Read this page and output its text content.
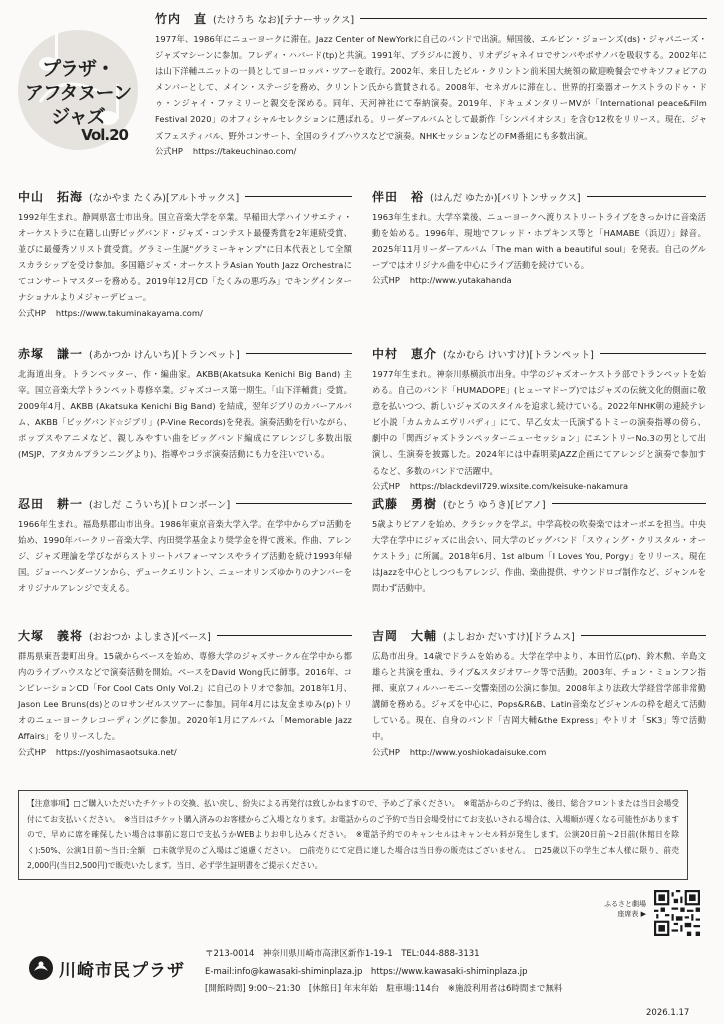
プラザ・
アフタヌーン
ジャズ
Vol.20
竹内　直 (たけうち なお) [テナーサックス]

1977年、1986年にニューヨークに滞在。Jazz Center of NewYorkに自己のバンドで出演。帰国後、エルビン・ジョーンズ(ds)・ジャパニーズ・ジャズマシーンに参加。フレディ・ハバード(tp)と共演。1991年、ブラジルに渡り、リオデジャネイロでサンバやボサノバを吸収する。2002年には山下洋輔ユニットの一員としてヨーロッパ・ツアーを敢行。2002年、来日したビル・クリントン前米国大統領の歓迎晩餐会でサキソフォピアのメンバーとして、メイン・ステージを務め、クリントン氏から賞賛される。2008年、セネガルに滞在し、世界的打楽器オーケストラのドゥ・ドゥ・ンジャイ・ファミリーと親交を深める。同年、天河神社にて奉納演奏。2019年、ドキュメンタリーMVが「International peace&Film Festival 2020」のオフィシャルセレクションに選ばれる。リーダーアルバムとして最新作「シンパイオシス」を含む12枚をリリース。現在、ジャズフェスティバル、野外コンサート、全国のライブハウスなどで演奏。NHKセッションなどのFM番組にも多数出演。

公式HP https://takeuchinao.com/
中山　拓海 (なかやま たくみ) [アルトサックス]

1992年生まれ。静岡県富士市出身。国立音楽大学を卒業。早稲田大学ハイソサエティ・オーケストラに在籍し山野ビッグバンド・ジャズ・コンテスト最優秀賞を2年連続受賞、並びに最優秀ソリスト賞受賞。グラミー生誕"グラミーキャンプ"に日本代表として全額スカラシップを受け参加。多国籍ジャズ・オーケストラAsian Youth Jazz Orchestraにてコンサートマスターを務める。2019年12月CD「たくみの悪巧み」でキングインターナショナルよりメジャーデビュー。

公式HP https://www.takuminakayama.com/
伴田　裕 (はんだ ゆたか) [バリトンサックス]

1963年生まれ。大学卒業後、ニューヨークへ渡りストリートライブをきっかけに音楽活動を始める。1996年、現地でフレッド・ホプキンス等と「HAMABE（浜辺）」録音。2025年11月リーダーアルバム「The man with a beautiful soul」を発表。自己のグループではオリジナル曲を中心にライブ活動を続けている。

公式HP http://www.yutakahanda
赤塚　謙一 (あかつか けんいち) [トランペット]

北海道出身。トランペッター、作・編曲家。AKBB(Akatsuka Kenichi Big Band) 主宰。国立音楽大学トランペット専修卒業。ジャズコース第一期生。「山下洋輔賞」受賞。2009年4月、AKBB (Akatsuka Kenichi Big Band) を結成，翌年ジブリのカバーアルバム、AKBB「ビッグバンド☆ジブリ」(P-Vine Records)を発表。演奏活動を行いながら、ポップスやアニメなど、親しみやすい曲をビッグバンド編成にアレンジし多数出版(MSJP、アタカルプランニングより)、指導やコラボ演奏活動にも力を注いでいる。

中村　恵介 (なかむら けいすけ) [トランペット]

1977年生まれ。神奈川県横浜市出身。中学のジャズオーケストラ部でトランペットを始める。自己のバンド「HUMADOPE」(ヒューマドープ)ではジャズの伝統文化的側面に敬意を払いつつ、新しいジャズのスタイルを追求し続けている。2022年NHK朝の連続テレビ小説「カムカムエヴリバディ」にて、早乙女太一氏演ずるトミーの演奏指導の傍ら、劇中の「関西ジャズトランペッターニューセッション」にエントリーNo.3の男として出演し、生演奏を披露した。2024年には中森明菜JAZZ企画にてアレンジと演奏で参加するなど、多数のバンドで活躍中。

公式HP https://blackdevil729.wixsite.com/keisuke-nakamura
忍田　耕一 (おしだ こういち) [トロンボーン]

1966年生まれ。福島県郡山市出身。1986年東京音楽大学入学。在学中からプロ活動を始め、1990年バークリー音楽大学、内田奨学基金より奨学金を得て渡米。作曲、アレンジ、ジャズ理論を学びながらストリートパフォーマンスやライブ活動を続け1993年帰国。ジョーヘンダーソンから、デュークエリントン、ニューオリンズゆかりのナンバーをオリジナルアレンジで支える。

武藤　勇樹 (むとう ゆうき) [ピアノ]

5歳よりピアノを始め、クラシックを学ぶ。中学高校の吹奏楽ではオーボエを担当。中央大学在学中にジャズに出会い、同大学のビッグバンド「スウィング・クリスタル・オーケストラ」に所属。2018年6月、1st album「I Loves You, Porgy」をリリース。現在はJazzを中心としつつもアレンジ、作曲、楽曲提供、サウンドロゴ制作など、ジャンルを問わず活動中。

大塚　義将 (おおつか よしまさ) [ベース]

群馬県東吾妻町出身。15歳からベースを始め、専修大学のジャズサークル在学中から都内のライブハウスなどで演奏活動を開始。ベースをDavid Wong氏に師事。2016年、コンピレーションCD「For Cool Cats Only Vol.2」に自己のトリオで参加。2018年1月、Jason Lee Bruns(ds)とのロサンゼルスツアーに参加。同年4月には友金まゆみ(p)トリオのニューヨークレコーディングに参加。2020年1月にアルバム「Memorable Jazz Affairs」をリリースした。

公式HP https://yoshimasaotsuka.net/
吉岡　大輔 (よしおか だいすけ) [ドラムス]

広島市出身。14歳でドラムを始める。大学在学中より、本田竹広(pf)、鈴木勲、辛島文雄らと共演を重ね、ライブ&スタジオワーク等で活動。2003年、チョン・ミョンフン指揮、東京フィルハーモニー交響楽団の公演に参加。2008年より法政大学経営学部非常勤講師を務める。ジャズを中心に、Pops&R&B、Latin音楽などジャンルの枠を超えて活動している。現在、自身のバンド「吉岡大輔&the Express」やトリオ「SK3」等で活動中。

公式HP http://www.yoshiokadaisuke.com
【注意事項】□ご購入いただいたチケットの交換、払い戻し、紛失による再発行は致しかねますので、予めご了承ください。　※電話からのご予約は、後日、総合フロントまたは当日会場受付にてお支払いください。　※当日はチケット購入済みのお客様からご入場となります。お電話からのご予約で当日会場受付にてお支払いされる場合は、入場順が遅くなる可能性がありますので、早めに席を確保したい場合は事前に窓口で支払うかWEBよりお申し込みください。　※電話予約でのキャンセルはキャンセル料が発生します。公演20日前～2日前(休館日を除く):50%、公演1日前～当日:全額　□未就学児のご入場はご遠慮ください。　□前売りにて定員に達した場合は当日券の販売はございません。　□25歳以下の学生ご本人様に限り、前売2,000円(当日2,500円)で販売いたします。当日、必ず学生証明書をご提示ください。
ふるさと劇場
座席表 ▶
川崎市民プラザ
〒213-0014　神奈川県川崎市高津区新作1-19-1　TEL:044-888-3131
E-mail:info@kawasaki-shiminplaza.jp　https://www.kawasaki-shiminplaza.jp
[開館時間] 9:00～21:30　[休館日] 年末年始　駐車場:114台　※施設利用者は6時間まで無料
2026.1.17
